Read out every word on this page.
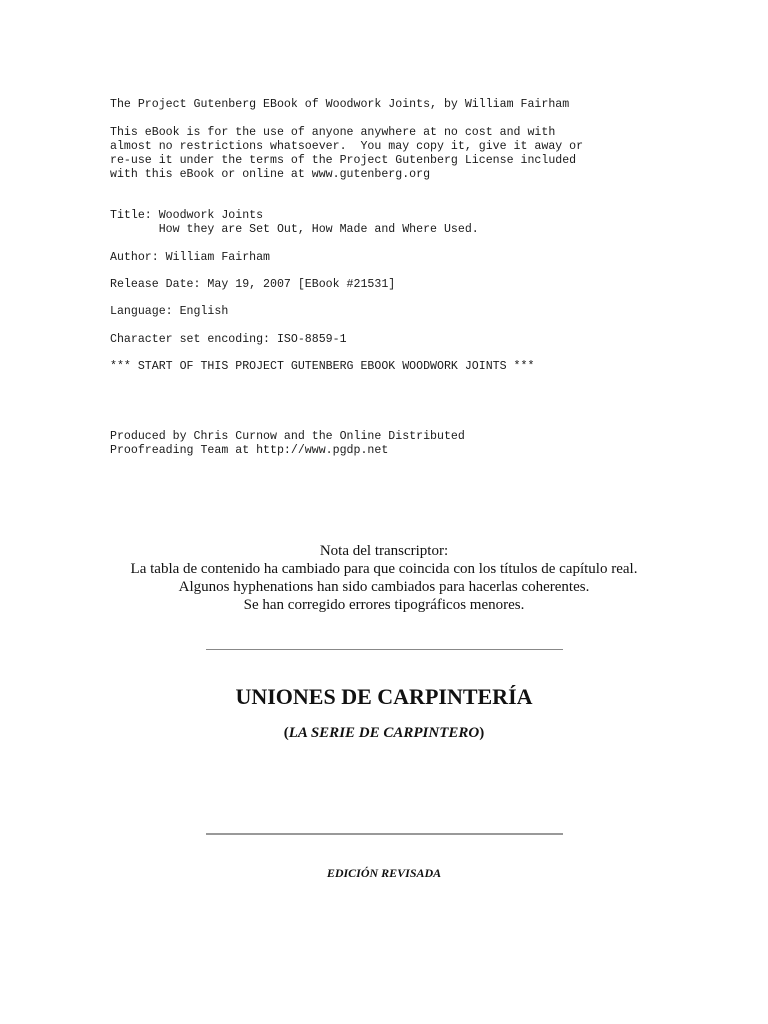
The Project Gutenberg EBook of Woodwork Joints, by William Fairham
This eBook is for the use of anyone anywhere at no cost and with
almost no restrictions whatsoever.  You may copy it, give it away or
re-use it under the terms of the Project Gutenberg License included
with this eBook or online at www.gutenberg.org
Title: Woodwork Joints
How they are Set Out, How Made and Where Used.
Author: William Fairham
Release Date: May 19, 2007 [EBook #21531]
Language: English
Character set encoding: ISO-8859-1
*** START OF THIS PROJECT GUTENBERG EBOOK WOODWORK JOINTS ***
Produced by Chris Curnow and the Online Distributed
Proofreading Team at http://www.pgdp.net
Nota del transcriptor:
La tabla de contenido ha cambiado para que coincida con los títulos de capítulo real.
Algunos hyphenations han sido cambiados para hacerlas coherentes.
Se han corregido errores tipográficos menores.
UNIONES DE CARPINTERÍA
(LA SERIE DE CARPINTERO)
EDICIÓN REVISADA
